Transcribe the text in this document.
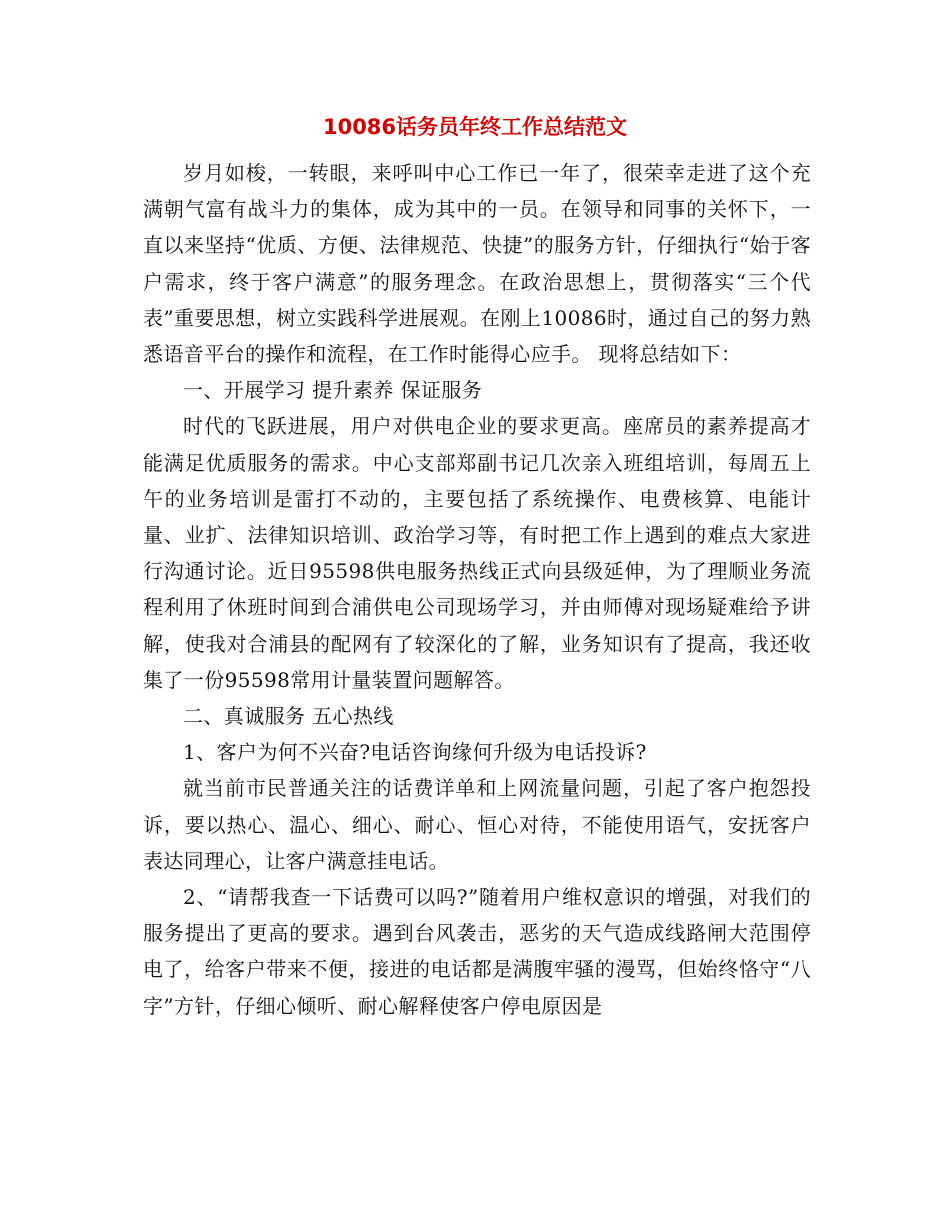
10086话务员年终工作总结范文

岁月如梭，一转眼，来呼叫中心工作已一年了，很荣幸走进了这个充满朝气富有战斗力的集体，成为其中的一员。在领导和同事的关怀下，一直以来坚持“优质、方便、法律规范、快捷”的服务方针，仔细执行“始于客户需求，终于客户满意”的服务理念。在政治思想上，贯彻落实“三个代表”重要思想，树立实践科学进展观。在刚上10086时，通过自己的努力熟悉语音平台的操作和流程，在工作时能得心应手。 现将总结如下：

一、开展学习 提升素养 保证服务

时代的飞跃进展，用户对供电企业的要求更高。座席员的素养提高才能满足优质服务的需求。中心支部郑副书记几次亲入班组培训，每周五上午的业务培训是雷打不动的，主要包括了系统操作、电费核算、电能计量、业扩、法律知识培训、政治学习等，有时把工作上遇到的难点大家进行沟通讨论。近日95598供电服务热线正式向县级延伸，为了理顺业务流程利用了休班时间到合浦供电公司现场学习，并由师傅对现场疑难给予讲解，使我对合浦县的配网有了较深化的了解，业务知识有了提高，我还收集了一份95598常用计量装置问题解答。

二、真诚服务 五心热线

1、客户为何不兴奋?电话咨询缘何升级为电话投诉?

就当前市民普通关注的话费详单和上网流量问题，引起了客户抱怨投诉，要以热心、温心、细心、耐心、恒心对待，不能使用语气，安抚客户表达同理心，让客户满意挂电话。

2、“请帮我查一下话费可以吗?”随着用户维权意识的增强，对我们的服务提出了更高的要求。遇到台风袭击，恶劣的天气造成线路闸大范围停电了，给客户带来不便，接进的电话都是满腹牢骚的漫骂，但始终恪守“八字”方针，仔细心倾听、耐心解释使客户停电原因是
